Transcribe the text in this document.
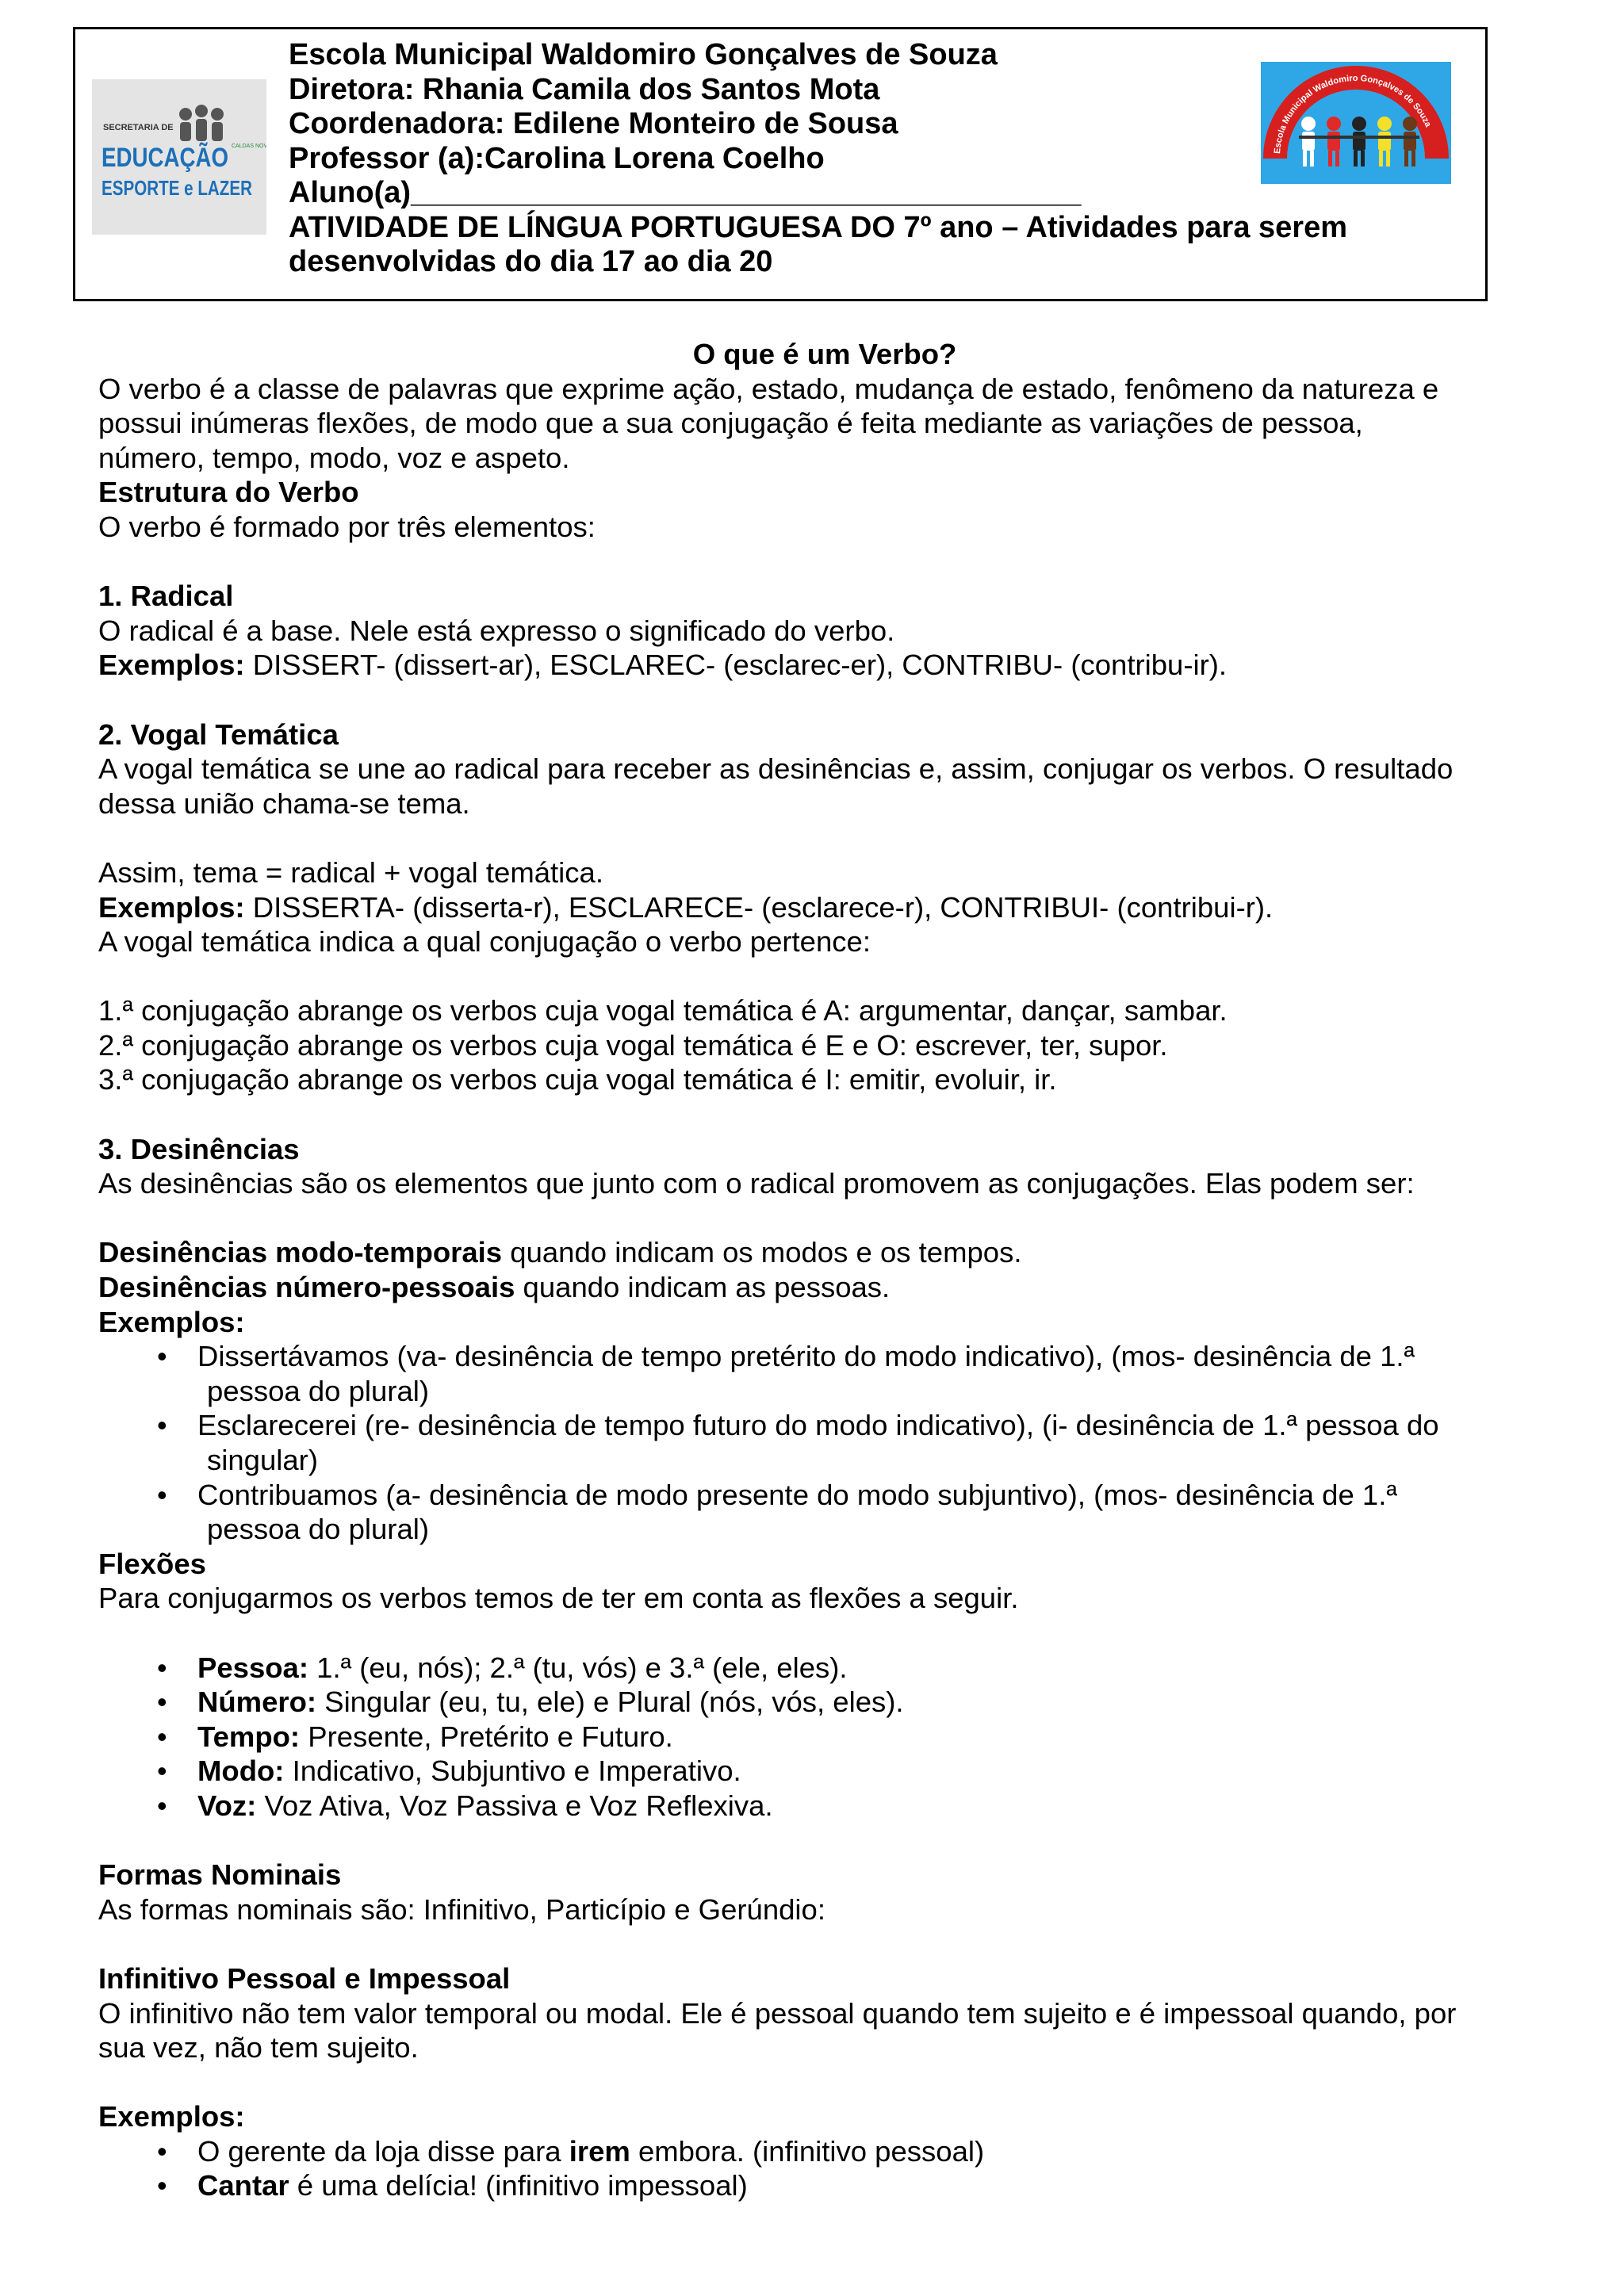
SECRETARIA DE
EDUCAÇÃO
ESPORTE e LAZER
CALDAS NOV
Escola Municipal Waldomiro Gonçalves de Souza
Escola Municipal Waldomiro Gonçalves de Souza
Diretora: Rhania Camila dos Santos Mota
Coordenadora: Edilene Monteiro de Sousa
Professor (a):Carolina Lorena Coelho
Aluno(a)________________________________________
ATIVIDADE DE LÍNGUA PORTUGUESA DO 7º ano – Atividades para serem
desenvolvidas do dia 17 ao dia 20

O que é um Verbo?

O verbo é a classe de palavras que exprime ação, estado, mudança de estado, fenômeno da natureza e

possui inúmeras flexões, de modo que a sua conjugação é feita mediante as variações de pessoa,

número, tempo, modo, voz e aspeto.

Estrutura do Verbo

O verbo é formado por três elementos:

1. Radical

O radical é a base. Nele está expresso o significado do verbo.

Exemplos: DISSERT- (dissert-ar), ESCLAREC- (esclarec-er), CONTRIBU- (contribu-ir).

2. Vogal Temática

A vogal temática se une ao radical para receber as desinências e, assim, conjugar os verbos. O resultado

dessa união chama-se tema.

Assim, tema = radical + vogal temática.

Exemplos: DISSERTA- (disserta-r), ESCLARECE- (esclarece-r), CONTRIBUI- (contribui-r).

A vogal temática indica a qual conjugação o verbo pertence:

1.ª conjugação abrange os verbos cuja vogal temática é A: argumentar, dançar, sambar.

2.ª conjugação abrange os verbos cuja vogal temática é E e O: escrever, ter, supor.

3.ª conjugação abrange os verbos cuja vogal temática é I: emitir, evoluir, ir.

3. Desinências

As desinências são os elementos que junto com o radical promovem as conjugações. Elas podem ser:

Desinências modo-temporais quando indicam os modos e os tempos.

Desinências número-pessoais quando indicam as pessoas.

Exemplos:

• Dissertávamos (va- desinência de tempo pretérito do modo indicativo), (mos- desinência de 1.ª
pessoa do plural)
• Esclarecerei (re- desinência de tempo futuro do modo indicativo), (i- desinência de 1.ª pessoa do
singular)
• Contribuamos (a- desinência de modo presente do modo subjuntivo), (mos- desinência de 1.ª
pessoa do plural)

Flexões

Para conjugarmos os verbos temos de ter em conta as flexões a seguir.

• Pessoa: 1.ª (eu, nós); 2.ª (tu, vós) e 3.ª (ele, eles).
• Número: Singular (eu, tu, ele) e Plural (nós, vós, eles).
• Tempo: Presente, Pretérito e Futuro.
• Modo: Indicativo, Subjuntivo e Imperativo.
• Voz: Voz Ativa, Voz Passiva e Voz Reflexiva.

Formas Nominais

As formas nominais são: Infinitivo, Particípio e Gerúndio:

Infinitivo Pessoal e Impessoal

O infinitivo não tem valor temporal ou modal. Ele é pessoal quando tem sujeito e é impessoal quando, por

sua vez, não tem sujeito.

Exemplos:

• O gerente da loja disse para irem embora. (infinitivo pessoal)
• Cantar é uma delícia! (infinitivo impessoal)
